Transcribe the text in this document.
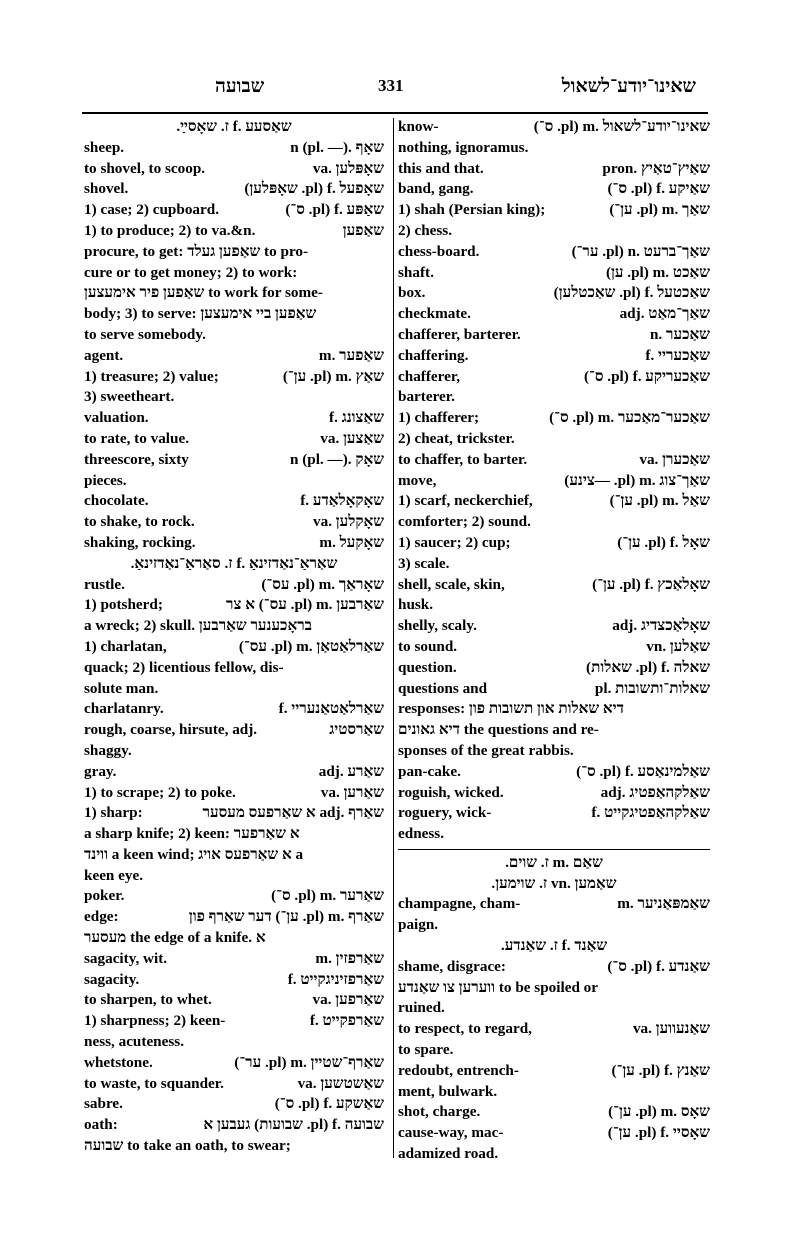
שבועה	331	שאינו־יודע־לשאול
שאַסעע .f ז. שאָסײַ.
sheep.	שאָף .n (pl. —)
to shovel, to scoop.	שאָפּלען .va
shovel.	שאָפעל .f (pl. שאָפּלען)
1) case; 2) cupboard.	שאַפּע .f (pl. ס־)
1) to produce; 2) to va.&n.	שאַפען
procure, to get: שאַפען געלד to pro-
cure or to get money; 2) to work:
שאַפען פיר אימעצען to work for some-
body; 3) to serve: שאַפען ביי אימעצען
to serve somebody.
agent.	שאַפער .m
1) treasure; 2) value;	שאַץ .m (pl. ען־)
3) sweetheart.
valuation.	שאַצונג .f
to rate, to value.	שאַצען .va
threescore, sixty	שאָק .n (pl. —)
pieces.
chocolate.	שאָקאָלאַדע .f
to shake, to rock.	שאָקלען .va
shaking, rocking.	שאָקעל .m
שאַראַ־נאַדזינאַ .f ז. סאַראַ־נאַדזינאַ.
rustle.	שאָראַך .m (pl. עס־)
1) potsherd;	שאַרבען .m (pl. עס־) א צר
a wreck; 2) skull. בראָכענער שאַרבען
1) charlatan,	שאַרלאַטאַן .m (pl. עס־)
quack; 2) licentious fellow, dis-
solute man.
charlatanry.	שאַרלאַטאַנעריי .f
rough, coarse, hirsute, adj.	שאַרסטיג
shaggy.
gray.	שאַרע .adj
1) to scrape; 2) to poke.	שאַרען .va
1) sharp:	שאַרף .adj א שאַרפעס מעסער
a sharp knife; 2) keen: א שאַרפער
ווינד a keen wind; א שאַרפעס אויג a
keen eye.
poker.	שאַרער .m (pl. ס־)
edge:	שאַרף .m (pl. ען־) דער שאַרף פון
מעסער the edge of a knife. א
sagacity, wit.	שאַרפזין .m
sagacity.	שאַרפזיניגקייט .f
to sharpen, to whet.	שאַרפען .va
1) sharpness; 2) keen-	שאַרפקייט .f
ness, acuteness.
whetstone.	שאַרף־שטיין .m (pl. ער־)
to waste, to squander.	שאַשטשען .va
sabre.	שאַשקע .f (pl. ס־)
oath:	שבועה .f (pl. שבועות) געבען א
שבועה to take an oath, to swear;
know-	שאינו־יודע־לשאול .m (pl. ס־)
nothing, ignoramus.
this and that.	שאַיץ־טאַיץ .pron
band, gang.	שאַיקע .f (pl. ס־)
1) shah (Persian king);	שאַך .m (pl. ען־)
2) chess.
chess-board.	שאַך־ברעט .n (pl. ער־)
shaft.	שאַכט .m (pl. ען)
box.	שאַכטעל .f (pl. שאַכטלען)
checkmate.	שאַך־מאַט .adj
chafferer, barterer.	שאַכער .n
chaffering.	שאַכעריי .f
chafferer,	שאַכעריקע .f (pl. ס־)
barterer.
1) chafferer;	שאַכער־מאַכער .m (pl. ס־)
2) cheat, trickster.
to chaffer, to barter.	שאַכערן .va
move,	שאַך־צוג .m (pl. —צינע)
1) scarf, neckerchief,	שאַל .m (pl. ען־)
comforter; 2) sound.
1) saucer; 2) cup;	שאָל .f (pl. ען־)
3) scale.
shell, scale, skin,	שאָלאַכץ .f (pl. ען־)
husk.
shelly, scaly.	שאָלאַכצדיג .adj
to sound.	שאַלען .vn
question.	שאלה .f (pl. שאלות)
questions and	שאלות־ותשובות .pl
responses: דיא שאלות און תשובות פון
דיא גאונים the questions and re-
sponses of the great rabbis.
pan-cake.	שאַלמינאַסע .f (pl. ס־)
roguish, wicked.	שאַלקהאַפטיג .adj
roguery, wick-	שאַלקהאַפטיגקייט .f
edness.
שאַם .m ז. שוים.
שאַמען .vn ז. שוימען.
champagne, cham-	שאַמפּאַניער .m
paign.
שאַנד .f ז. שאַנדע.
shame, disgrace:	שאַנדע .f (pl. ס־)
ווערען צו שאַנדע to be spoiled or
ruined.
to respect, to regard,	שאַנעווען .va
to spare.
redoubt, entrench-	שאַנץ .f (pl. ען־)
ment, bulwark.
shot, charge.	שאָס .m (pl. ען־)
cause-way, mac-	שאָסיי .f (pl. ען־)
adamized road.
